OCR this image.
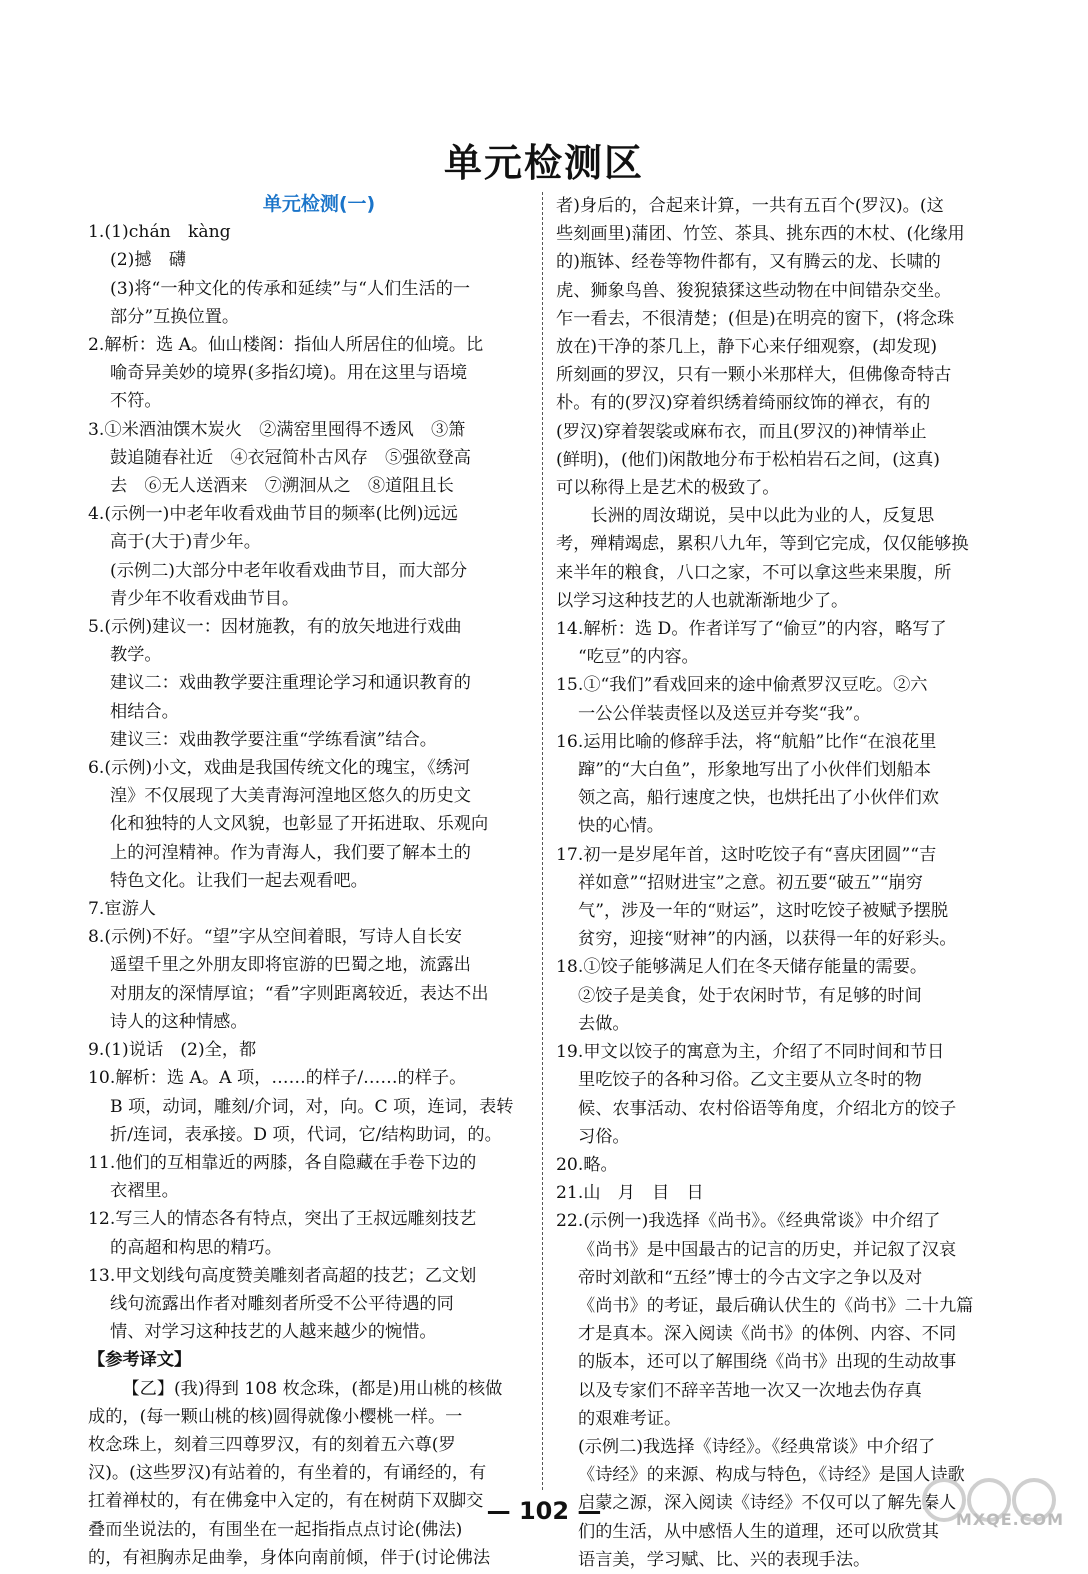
单元检测区
单元检测(一)
1.(1)chán　kàng
(2)撼　礴
(3)将“一种文化的传承和延续”与“人们生活的一
部分”互换位置。
2.解析：选 A。仙山楼阁：指仙人所居住的仙境。比
喻奇异美妙的境界(多指幻境)。用在这里与语境
不符。
3.①米酒油馔木炭火　②满窑里囤得不透风　③箫
鼓追随春社近　④衣冠简朴古风存　⑤强欲登高
去　⑥无人送酒来　⑦溯洄从之　⑧道阻且长
4.(示例一)中老年收看戏曲节目的频率(比例)远远
高于(大于)青少年。
(示例二)大部分中老年收看戏曲节目，而大部分
青少年不收看戏曲节目。
5.(示例)建议一：因材施教，有的放矢地进行戏曲
教学。
建议二：戏曲教学要注重理论学习和通识教育的
相结合。
建议三：戏曲教学要注重“学练看演”结合。
6.(示例)小文，戏曲是我国传统文化的瑰宝，《绣河
湟》不仅展现了大美青海河湟地区悠久的历史文
化和独特的人文风貌，也彰显了开拓进取、乐观向
上的河湟精神。作为青海人，我们要了解本土的
特色文化。让我们一起去观看吧。
7.宦游人
8.(示例)不好。“望”字从空间着眼，写诗人自长安
遥望千里之外朋友即将宦游的巴蜀之地，流露出
对朋友的深情厚谊；“看”字则距离较近，表达不出
诗人的这种情感。
9.(1)说话　(2)全，都
10.解析：选 A。A 项，……的样子/……的样子。
B 项，动词，雕刻/介词，对，向。C 项，连词，表转
折/连词，表承接。D 项，代词，它/结构助词，的。
11.他们的互相靠近的两膝，各自隐藏在手卷下边的
衣褶里。
12.写三人的情态各有特点，突出了王叔远雕刻技艺
的高超和构思的精巧。
13.甲文划线句高度赞美雕刻者高超的技艺；乙文划
线句流露出作者对雕刻者所受不公平待遇的同
情、对学习这种技艺的人越来越少的惋惜。
【参考译文】
【乙】(我)得到 108 枚念珠，(都是)用山桃的核做
成的，(每一颗山桃的核)圆得就像小樱桃一样。一
枚念珠上，刻着三四尊罗汉，有的刻着五六尊(罗
汉)。(这些罗汉)有站着的，有坐着的，有诵经的，有
扛着禅杖的，有在佛龛中入定的，有在树荫下双脚交
叠而坐说法的，有围坐在一起指指点点讨论(佛法)
的，有袒胸赤足曲拳，身体向南前倾，伴于(讨论佛法
者)身后的，合起来计算，一共有五百个(罗汉)。(这
些刻画里)蒲团、竹笠、茶具、挑东西的木杖、(化缘用
的)瓶钵、经卷等物件都有，又有腾云的龙、长啸的
虎、狮象鸟兽、狻猊猿猱这些动物在中间错杂交坐。
乍一看去，不很清楚；(但是)在明亮的窗下，(将念珠
放在)干净的茶几上，静下心来仔细观察，(却发现)
所刻画的罗汉，只有一颗小米那样大，但佛像奇特古
朴。有的(罗汉)穿着织绣着绮丽纹饰的禅衣，有的
(罗汉)穿着袈裟或麻布衣，而且(罗汉的)神情举止
(鲜明)，(他们)闲散地分布于松柏岩石之间，(这真)
可以称得上是艺术的极致了。
长洲的周汝瑚说，吴中以此为业的人，反复思
考，殚精竭虑，累积八九年，等到它完成，仅仅能够换
来半年的粮食，八口之家，不可以拿这些来果腹，所
以学习这种技艺的人也就渐渐地少了。
14.解析：选 D。作者详写了“偷豆”的内容，略写了
“吃豆”的内容。
15.①“我们”看戏回来的途中偷煮罗汉豆吃。②六
一公公佯装责怪以及送豆并夸奖“我”。
16.运用比喻的修辞手法，将“航船”比作“在浪花里
蹿”的“大白鱼”，形象地写出了小伙伴们划船本
领之高，船行速度之快，也烘托出了小伙伴们欢
快的心情。
17.初一是岁尾年首，这时吃饺子有“喜庆团圆”“吉
祥如意”“招财进宝”之意。初五要“破五”“崩穷
气”，涉及一年的“财运”，这时吃饺子被赋予摆脱
贫穷，迎接“财神”的内涵，以获得一年的好彩头。
18.①饺子能够满足人们在冬天储存能量的需要。
②饺子是美食，处于农闲时节，有足够的时间
去做。
19.甲文以饺子的寓意为主，介绍了不同时间和节日
里吃饺子的各种习俗。乙文主要从立冬时的物
候、农事活动、农村俗语等角度，介绍北方的饺子
习俗。
20.略。
21.山　月　目　日
22.(示例一)我选择《尚书》。《经典常谈》中介绍了
《尚书》是中国最古的记言的历史，并记叙了汉哀
帝时刘歆和“五经”博士的今古文字之争以及对
《尚书》的考证，最后确认伏生的《尚书》二十九篇
才是真本。深入阅读《尚书》的体例、内容、不同
的版本，还可以了解围绕《尚书》出现的生动故事
以及专家们不辞辛苦地一次又一次地去伪存真
的艰难考证。
(示例二)我选择《诗经》。《经典常谈》中介绍了
《诗经》的来源、构成与特色，《诗经》是国人诗歌
启蒙之源，深入阅读《诗经》不仅可以了解先秦人
们的生活，从中感悟人生的道理，还可以欣赏其
语言美，学习赋、比、兴的表现手法。
— 102 —	MXQE.COM
